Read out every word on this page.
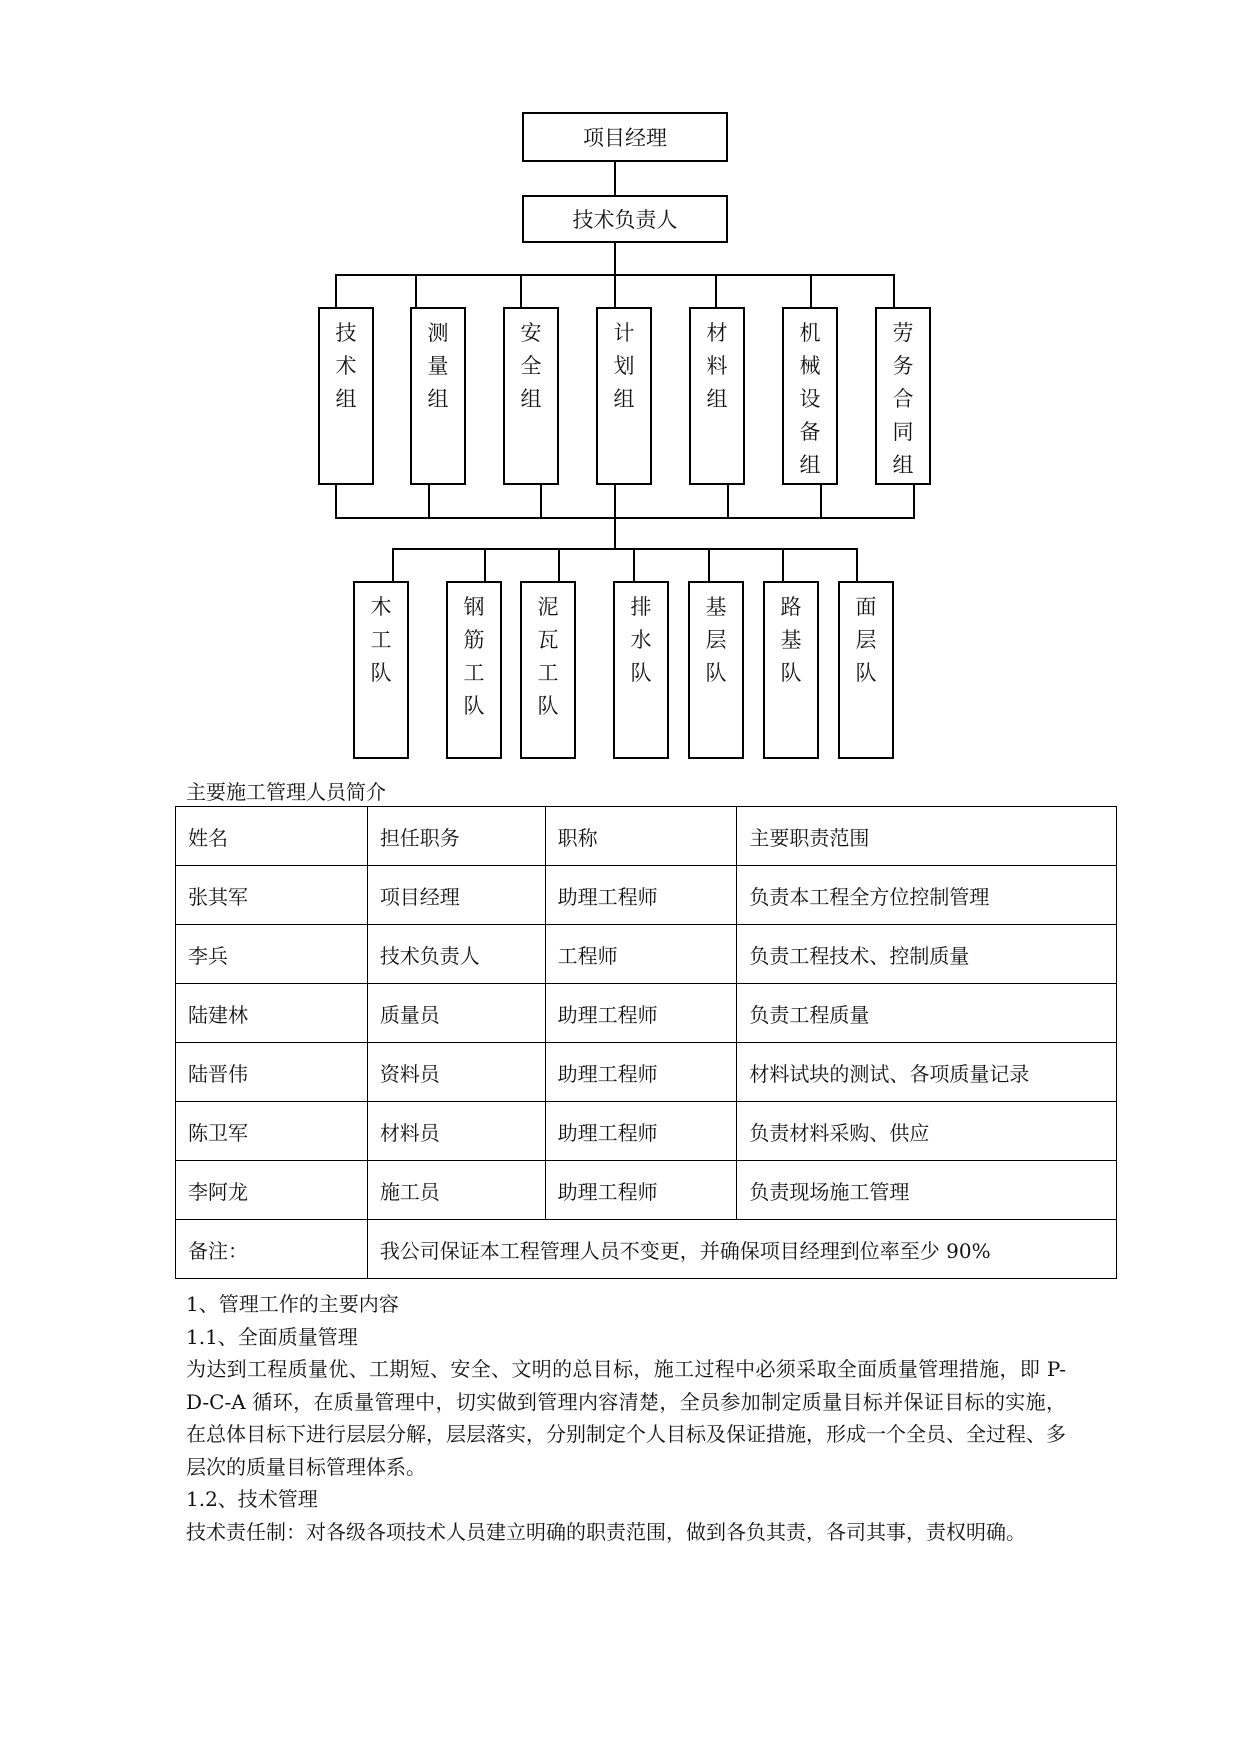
项目经理
技术负责人
技术组
测量组
安全组
计划组
材料组
机械设备组
劳务合同组
木工队
钢筋工队
泥瓦工队
排水队
基层队
路基队
面层队
主要施工管理人员简介
姓名	担任职务	职称	主要职责范围
张其军	项目经理	助理工程师	负责本工程全方位控制管理
李兵	技术负责人	工程师	负责工程技术、控制质量
陆建林	质量员	助理工程师	负责工程质量
陆晋伟	资料员	助理工程师	材料试块的测试、各项质量记录
陈卫军	材料员	助理工程师	负责材料采购、供应
李阿龙	施工员	助理工程师	负责现场施工管理
备注：	我公司保证本工程管理人员不变更，并确保项目经理到位率至少 90%		

1、管理工作的主要内容

1.1、全面质量管理

为达到工程质量优、工期短、安全、文明的总目标，施工过程中必须采取全面质量管理措施，即 P-D-C-A 循环，在质量管理中，切实做到管理内容清楚，全员参加制定质量目标并保证目标的实施，在总体目标下进行层层分解，层层落实，分别制定个人目标及保证措施，形成一个全员、全过程、多层次的质量目标管理体系。

1.2、技术管理

技术责任制：对各级各项技术人员建立明确的职责范围，做到各负其责，各司其事，责权明确。
